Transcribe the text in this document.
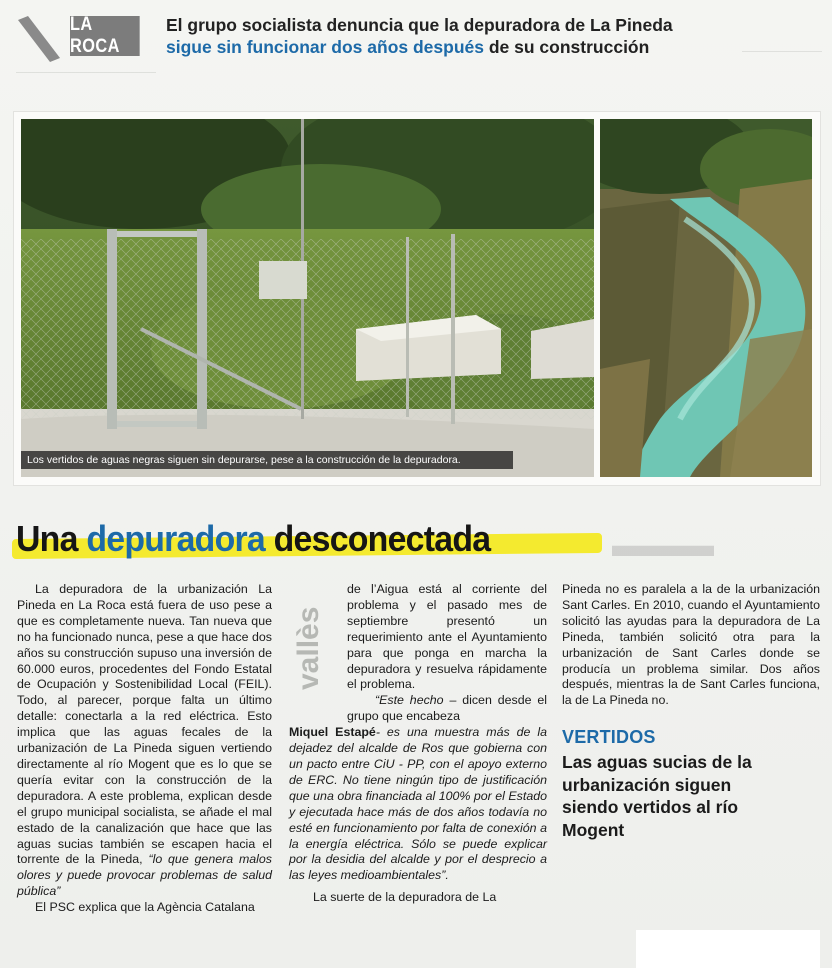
LA ROCA
El grupo socialista denuncia que la depuradora de La Pineda
sigue sin funcionar dos años después de su construcción
Los vertidos de aguas negras siguen sin depurarse, pese a la construcción de la depuradora.
Una depuradora desconectada	▬▬▬

La depuradora de la urbanización La Pineda en La Roca está fuera de uso pese a que es completamente nueva. Tan nueva que no ha funcionado nunca, pese a que hace dos años su construcción supuso una inversión de 60.000 euros, procedentes del Fondo Estatal de Ocupación y Sostenibilidad Local (FEIL). Todo, al parecer, porque falta un último detalle: conectarla a la red eléctrica. Esto implica que las aguas fecales de la urbanización de La Pineda siguen vertiendo directamente al río Mogent que es lo que se quería evitar con la construcción de la depuradora. A este problema, explican desde el grupo municipal socialista, se añade el mal estado de la canalización que hace que las aguas sucias también se escapen hacia el torrente de la Pineda, “lo que genera malos olores y puede provocar problemas de salud pública”

El PSC explica que la Agència Catalana

vallès

de l’Aigua está al corriente del problema y el pasado mes de septiembre presentó un requerimiento ante el Ayuntamiento para que ponga en marcha la depuradora y resuelva rápidamente el problema.

“Este hecho – dicen desde el grupo que encabeza

Miquel Estapé- es una muestra más de la dejadez del alcalde de Ros que gobierna con un pacto entre CiU - PP, con el apoyo externo de ERC. No tiene ningún tipo de justificación que una obra financiada al 100% por el Estado y ejecutada hace más de dos años todavía no esté en funcionamiento por falta de conexión a la energía eléctrica. Sólo se puede explicar por la desidia del alcalde y por el desprecio a las leyes medioambientales”.

La suerte de la depuradora de La

Pineda no es paralela a la de la urbanización Sant Carles. En 2010, cuando el Ayuntamiento solicitó las ayudas para la depuradora de La Pineda, también solicitó otra para la urbanización de Sant Carles donde se producía un problema similar. Dos años después, mientras la de Sant Carles funciona, la de La Pineda no.

VERTIDOS
Las aguas sucias de la urbanización siguen siendo vertidos al río Mogent
